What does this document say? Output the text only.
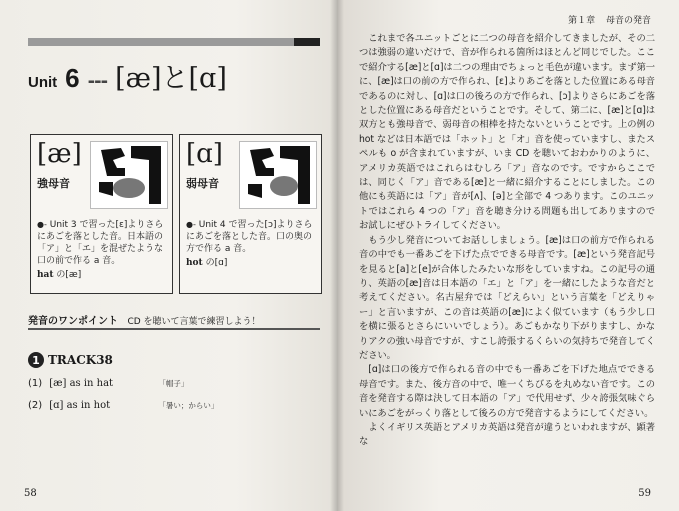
Unit 6 --- [æ]と[ɑ]
[æ]
強母音
●- Unit 3 で習った[ɛ]よりさらにあごを落とした音。日本語の「ア」と「エ」を混ぜたような口の前で作る a 音。
hat の[æ]
[ɑ]
弱母音
●- Unit 4 で習った[ɔ]よりさらにあごを落とした音。口の奥の方で作る a 音。
hot の[ɑ]
発音のワンポイント CD を聴いて言葉で練習しよう！
1 TRACK38
(1) [æ] as in hat	「帽子」
(2) [ɑ] as in hot	「暑い；からい」
58
第１章 母音の発音

これまで各ユニットごとに二つの母音を紹介してきましたが、その二つは強弱の違いだけで、音が作られる箇所はほとんど同じでした。ここで紹介する[æ]と[ɑ]は二つの理由でちょっと毛色が違います。まず第一に、[æ]は口の前の方で作られ、[ɛ]よりあごを落とした位置にある母音であるのに対し、[ɑ]は口の後ろの方で作られ、[ɔ]よりさらにあごを落とした位置にある母音だということです。そして、第二に、[æ]と[ɑ]は双方とも強母音で、弱母音の相棒を持たないということです。上の例の hot などは日本語では「ホット」と「オ」音を使っていますし、またスペルも o が含まれていますが、いま CD を聴いておわかりのように、アメリカ英語ではこれらはむしろ「ア」音なのです。ですからここでは、同じく「ア」音である[æ]と一緒に紹介することにしました。この他にも英語には「ア」音が[ʌ]、[ə]と全部で 4 つあります。このユニットではこれら 4 つの「ア」音を聴き分ける問題も出してありますのでお試しにぜひトライしてください。

もう少し発音についてお話ししましょう。[æ]は口の前方で作られる音の中でも一番あごを下げた点でできる母音です。[æ]という発音記号を見ると[a]と[e]が合体したみたいな形をしていますね。この記号の通り、英語の[æ]音は日本語の「エ」と「ア」を一緒にしたような音だと考えてください。名古屋弁では「どえらい」という言葉を「どえりゃー」と言いますが、この音は英語の[æ]によく似ています（もう少し口を横に張るとさらにいいでしょう）。あごもかなり下がりますし、かなりアクの強い母音ですが、すこし誇張するくらいの気持ちで発音してください。

[ɑ]は口の後方で作られる音の中でも一番あごを下げた地点でできる母音です。また、後方音の中で、唯一くちびるを丸めない音です。この音を発音する際は決して日本語の「ア」で代用せず、少々誇張気味ぐらいにあごをがっくり落として後ろの方で発音するようにしてください。

よくイギリス英語とアメリカ英語は発音が違うといわれますが、顕著な

59
